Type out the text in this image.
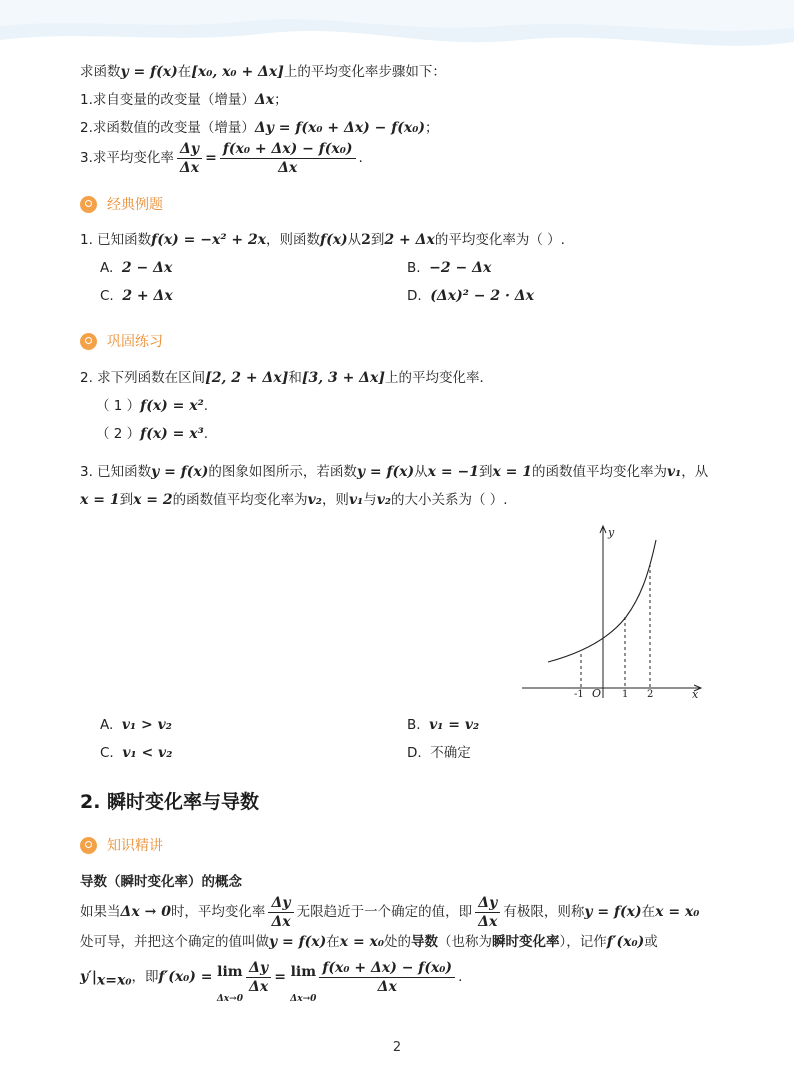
求函数y = f(x)在[x₀, x₀ + Δx]上的平均变化率步骤如下：
1.求自变量的改变量（增量）Δx；
2.求函数值的改变量（增量）Δy = f(x₀ + Δx) − f(x₀)；
3.求平均变化率 $\frac{\Delta y}{\Delta x} = \frac{\text{f(x₀ + Δx) − f(x₀)}}{\Delta x}$ .
经典例题
1. 已知函数f(x) = −x² + 2x，则函数f(x)从2到2 + Δx的平均变化率为（ ）.
A. 2 − Δx	B. −2 − Δx
C. 2 + Δx	D. (Δx)² − 2 · Δx
巩固练习
2. 求下列函数在区间[2, 2 + Δx]和[3, 3 + Δx]上的平均变化率．
（ 1 ）f(x) = x².
（ 2 ）f(x) = x³.
3. 已知函数y = f(x)的图象如图所示，若函数y = f(x)从x = −1到x = 1的函数值平均变化率为v₁，从
x = 1到x = 2的函数值平均变化率为v₂，则v₁与v₂的大小关系为（ ）.
y
x
O
-1	1 2
A. v₁ > v₂	B. v₁ = v₂
C. v₁ < v₂	D. 不确定
2. 瞬时变化率与导数
知识精讲
导数（瞬时变化率）的概念
如果当Δx → 0时，平均变化率 $\frac{\Delta y}{\Delta x}$ 无限趋近于一个确定的值，即 $\frac{\Delta y}{\Delta x}$ 有极限，则称y = f(x)在x = x₀
处可导，并把这个确定的值叫做y = f(x)在x = x₀处的导数（也称为瞬时变化率），记作f′(x₀)或
$y'|_{x=x_0}$，即f′(x₀) = lim
Δx→0
$\frac{\Delta y}{\Delta x} = \lim$
Δx→0
$\frac{\text{f(x₀ + Δx) − f(x₀)}}{\Delta x}$ .
2
